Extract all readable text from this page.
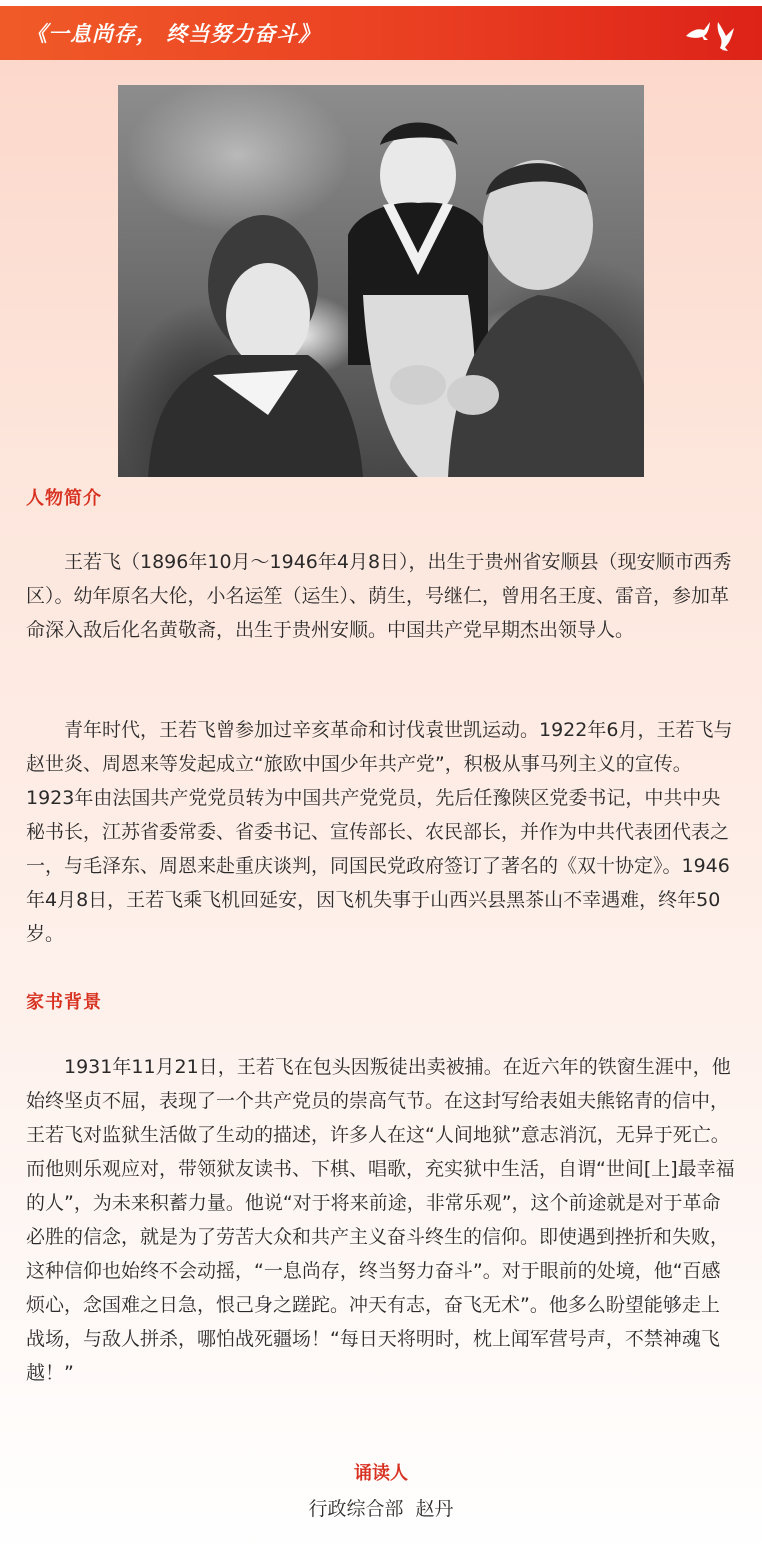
《一息尚存， 终当努力奋斗》
人物简介

王若飞（1896年10月～1946年4月8日），出生于贵州省安顺县（现安顺市西秀区）。幼年原名大伦，小名运笙（运生）、荫生，号继仁，曾用名王度、雷音，参加革命深入敌后化名黄敬斋，出生于贵州安顺。中国共产党早期杰出领导人。

青年时代，王若飞曾参加过辛亥革命和讨伐袁世凯运动。1922年6月，王若飞与赵世炎、周恩来等发起成立“旅欧中国少年共产党”，积极从事马列主义的宣传。1923年由法国共产党党员转为中国共产党党员，先后任豫陕区党委书记，中共中央秘书长，江苏省委常委、省委书记、宣传部长、农民部长，并作为中共代表团代表之一，与毛泽东、周恩来赴重庆谈判，同国民党政府签订了著名的《双十协定》。1946年4月8日，王若飞乘飞机回延安，因飞机失事于山西兴县黑茶山不幸遇难，终年50岁。

家书背景

1931年11月21日，王若飞在包头因叛徒出卖被捕。在近六年的铁窗生涯中，他始终坚贞不屈，表现了一个共产党员的崇高气节。在这封写给表姐夫熊铭青的信中，王若飞对监狱生活做了生动的描述，许多人在这“人间地狱”意志消沉，无异于死亡。而他则乐观应对，带领狱友读书、下棋、唱歌，充实狱中生活，自谓“世间[上]最幸福的人”，为未来积蓄力量。他说“对于将来前途，非常乐观”，这个前途就是对于革命必胜的信念，就是为了劳苦大众和共产主义奋斗终生的信仰。即使遇到挫折和失败，这种信仰也始终不会动摇，“一息尚存，终当努力奋斗”。对于眼前的处境，他“百感烦心，念国难之日急，恨己身之蹉跎。冲天有志，奋飞无术”。他多么盼望能够走上战场，与敌人拼杀，哪怕战死疆场！“每日天将明时，枕上闻军营号声，不禁神魂飞越！”

诵读人
行政综合部  赵丹
